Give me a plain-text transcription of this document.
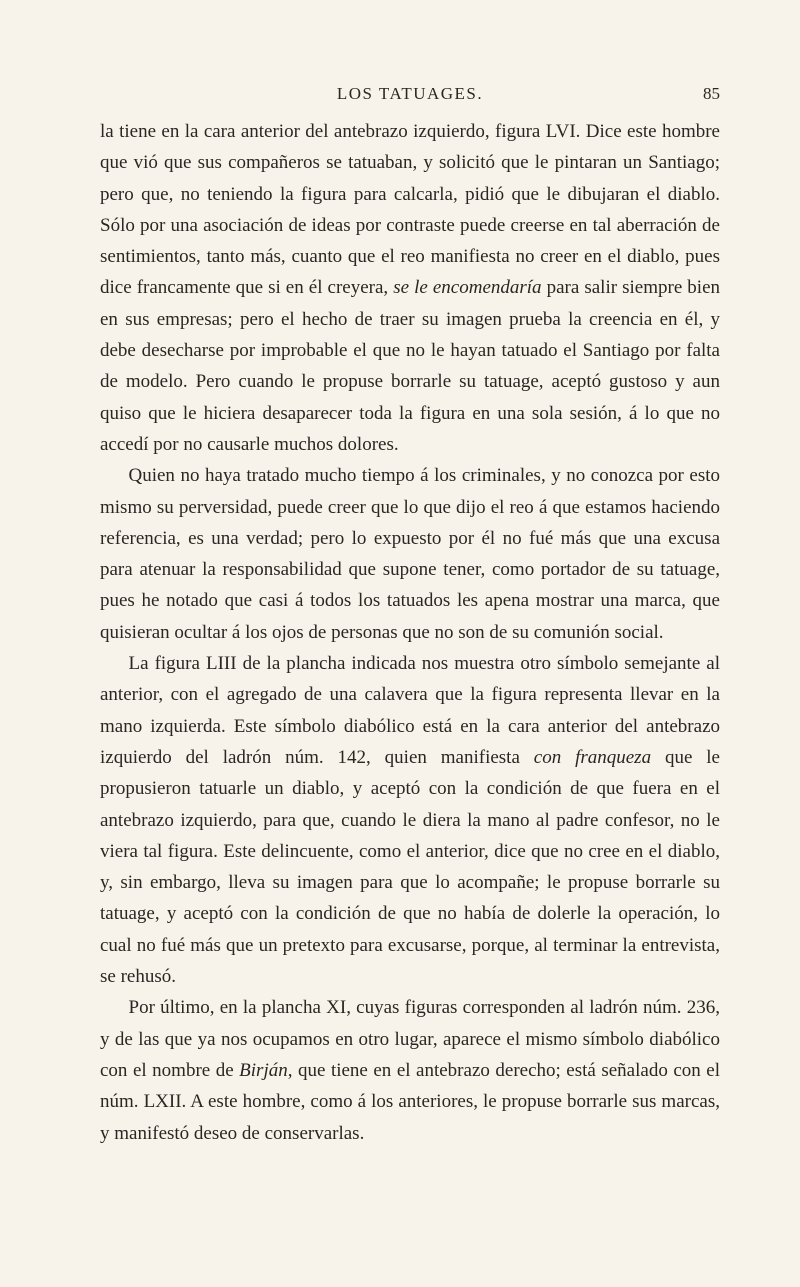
LOS TATUAGES.	85

la tiene en la cara anterior del antebrazo izquierdo, figura LVI. Dice este hombre que vió que sus compañeros se tatuaban, y solicitó que le pintaran un Santiago; pero que, no teniendo la figura para calcarla, pidió que le dibujaran el diablo. Sólo por una asociación de ideas por contraste puede creerse en tal aberración de sentimientos, tanto más, cuanto que el reo manifiesta no creer en el diablo, pues dice francamente que si en él creyera, se le encomendaría para salir siempre bien en sus empresas; pero el hecho de traer su imagen prueba la creencia en él, y debe desecharse por improbable el que no le hayan tatuado el Santiago por falta de modelo. Pero cuando le propuse borrarle su tatuage, aceptó gustoso y aun quiso que le hiciera desaparecer toda la figura en una sola sesión, á lo que no accedí por no causarle muchos dolores.

Quien no haya tratado mucho tiempo á los criminales, y no conozca por esto mismo su perversidad, puede creer que lo que dijo el reo á que estamos haciendo referencia, es una verdad; pero lo expuesto por él no fué más que una excusa para atenuar la responsabilidad que supone tener, como portador de su tatuage, pues he notado que casi á todos los tatuados les apena mostrar una marca, que quisieran ocultar á los ojos de personas que no son de su comunión social.

La figura LIII de la plancha indicada nos muestra otro símbolo semejante al anterior, con el agregado de una calavera que la figura representa llevar en la mano izquierda. Este símbolo diabólico está en la cara anterior del antebrazo izquierdo del ladrón núm. 142, quien manifiesta con franqueza que le propusieron tatuarle un diablo, y aceptó con la condición de que fuera en el antebrazo izquierdo, para que, cuando le diera la mano al padre confesor, no le viera tal figura. Este delincuente, como el anterior, dice que no cree en el diablo, y, sin embargo, lleva su imagen para que lo acompañe; le propuse borrarle su tatuage, y aceptó con la condición de que no había de dolerle la operación, lo cual no fué más que un pretexto para excusarse, porque, al terminar la entrevista, se rehusó.

Por último, en la plancha XI, cuyas figuras corresponden al ladrón núm. 236, y de las que ya nos ocupamos en otro lugar, aparece el mismo símbolo diabólico con el nombre de Birján, que tiene en el antebrazo derecho; está señalado con el núm. LXII. A este hombre, como á los anteriores, le propuse borrarle sus marcas, y manifestó deseo de conservarlas.
